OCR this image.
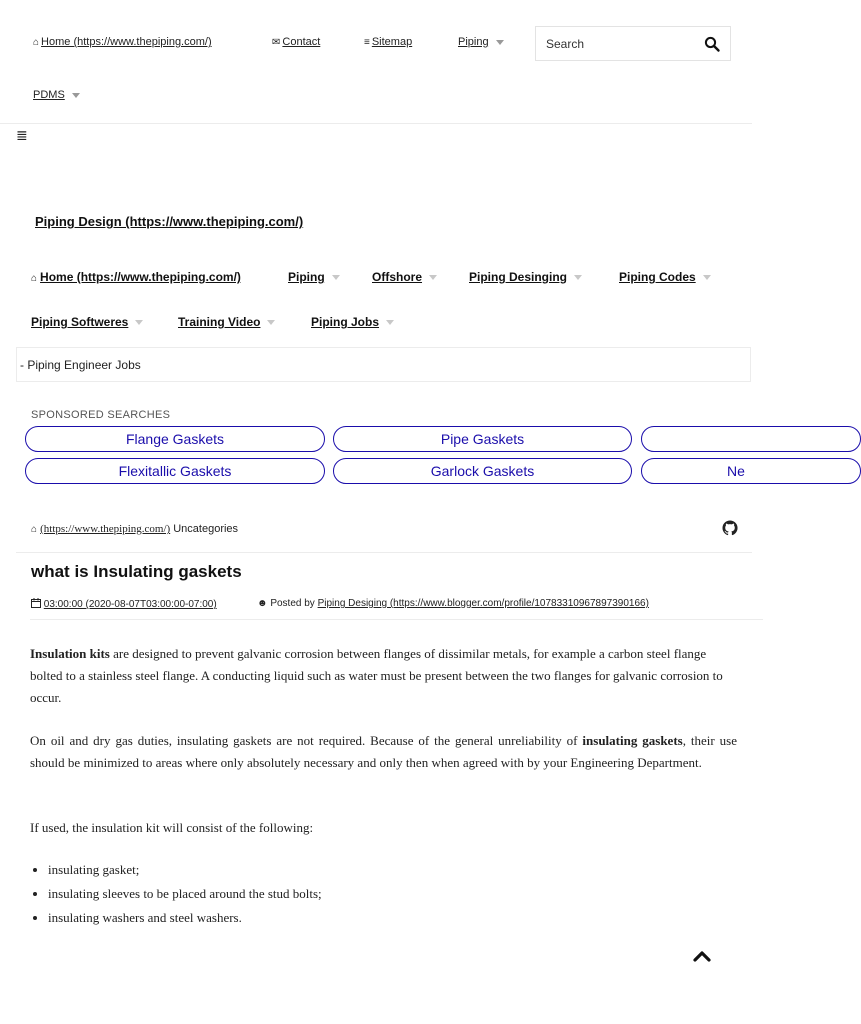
⌂ Home (https://www.thepiping.com/)	✉ Contact	≡ Sitemap	Piping
Search
PDMS
≣
Piping Design (https://www.thepiping.com/)
⌂ Home (https://www.thepiping.com/)	Piping	Offshore	Piping Desinging	Piping Codes
Piping Softweres	Training Video	Piping Jobs
- Piping Engineer Jobs
SPONSORED SEARCHES
Flange Gaskets	Pipe Gaskets
Flexitallic Gaskets	Garlock Gaskets	Ne
⌂ (https://www.thepiping.com/) Uncategories
what is Insulating gaskets
03:00:00 (2020-08-07T03:00:00-07:00)	☻ Posted by Piping Desiging (https://www.blogger.com/profile/10783310967897390166)

Insulation kits are designed to prevent galvanic corrosion between flanges of dissimilar metals, for example a carbon steel flange bolted to a stainless steel flange. A conducting liquid such as water must be present between the two flanges for galvanic corrosion to occur.

On oil and dry gas duties, insulating gaskets are not required. Because of the general unreliability of insulating gaskets, their use should be minimized to areas where only absolutely necessary and only then when agreed with by your Engineering Department.

If used, the insulation kit will consist of the following:

• insulating gasket;
• insulating sleeves to be placed around the stud bolts;
• insulating washers and steel washers.
